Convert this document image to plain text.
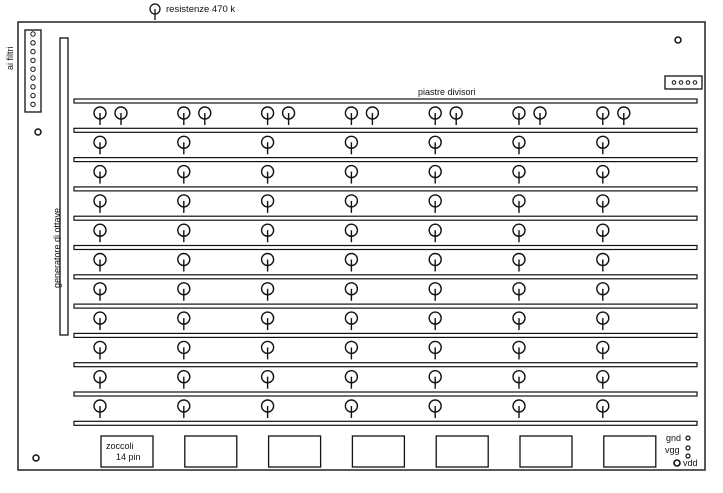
resistenze 470 k
ai filtri
piastre divisori
generatore di ottave
zoccoli
14 pin
gnd
vgg
vdd
